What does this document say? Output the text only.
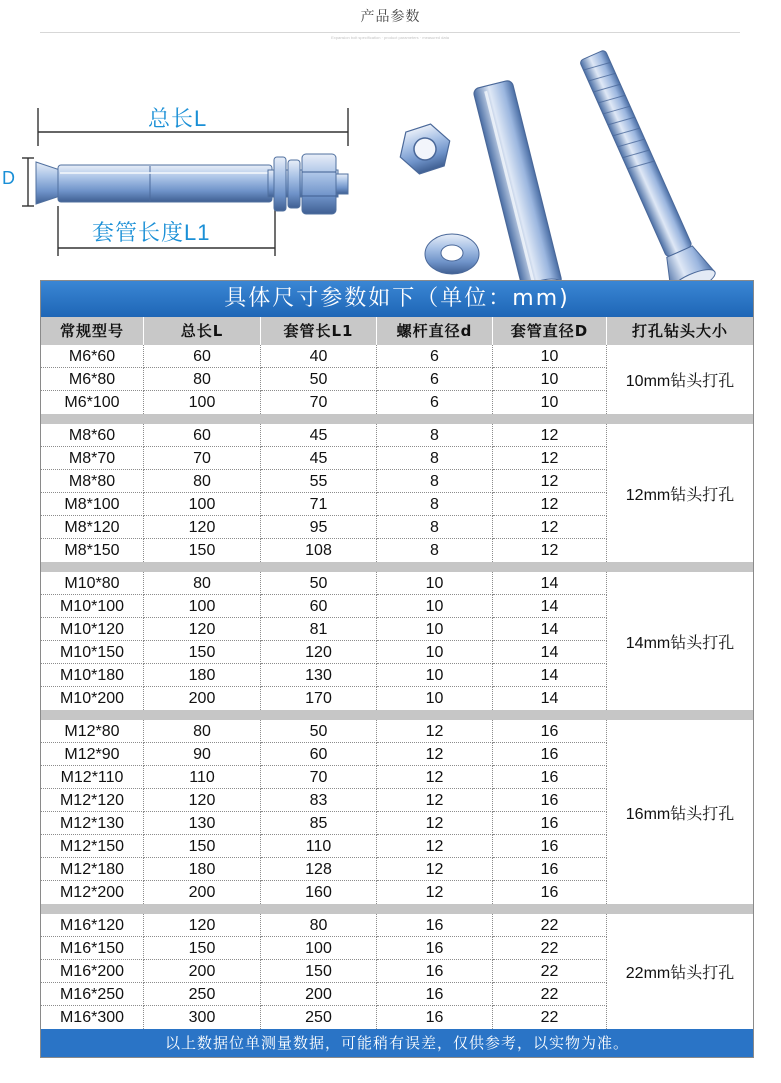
产品参数
Expansion bolt specification · product parameters · measured data
总长L
套管长度L1
D
具体尺寸参数如下（单位：mm)
常规型号	总长L	套管长L1	螺杆直径d	套管直径D	打孔钻头大小
M6*60	60	40	6	10
M6*80	80	50	6	10
M6*100	100	70	6	10
10mm钻头打孔
M8*60	60	45	8	12
M8*70	70	45	8	12
M8*80	80	55	8	12
M8*100	100	71	8	12
M8*120	120	95	8	12
M8*150	150	108	8	12
12mm钻头打孔
M10*80	80	50	10	14
M10*100	100	60	10	14
M10*120	120	81	10	14
M10*150	150	120	10	14
M10*180	180	130	10	14
M10*200	200	170	10	14
14mm钻头打孔
M12*80	80	50	12	16
M12*90	90	60	12	16
M12*110	110	70	12	16
M12*120	120	83	12	16
M12*130	130	85	12	16
M12*150	150	110	12	16
M12*180	180	128	12	16
M12*200	200	160	12	16
16mm钻头打孔
M16*120	120	80	16	22
M16*150	150	100	16	22
M16*200	200	150	16	22
M16*250	250	200	16	22
M16*300	300	250	16	22
22mm钻头打孔
以上数据位单测量数据，可能稍有误差，仅供参考，以实物为准。
